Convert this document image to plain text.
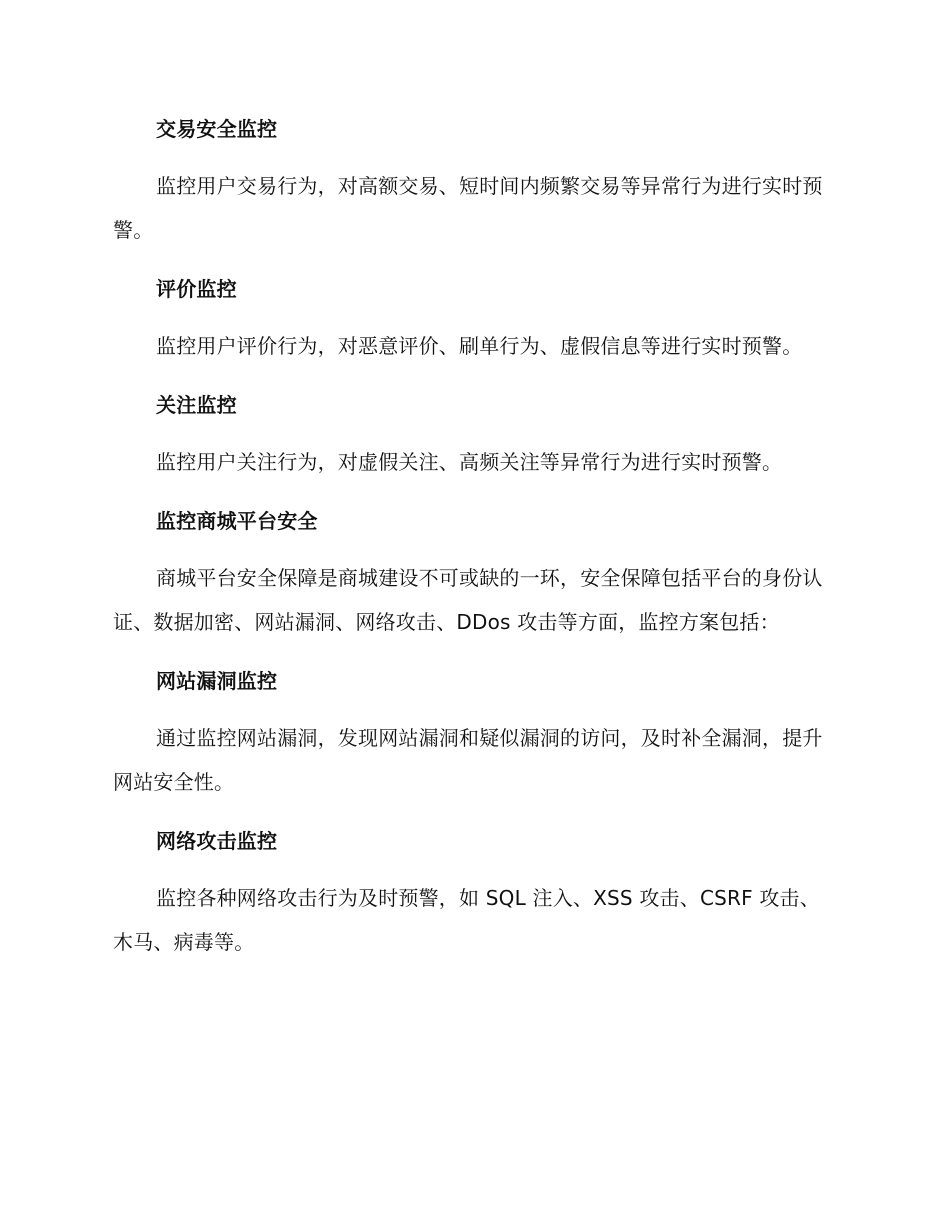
交易安全监控

监控用户交易行为，对高额交易、短时间内频繁交易等异常行为进行实时预警。

评价监控

监控用户评价行为，对恶意评价、刷单行为、虚假信息等进行实时预警。

关注监控

监控用户关注行为，对虚假关注、高频关注等异常行为进行实时预警。

监控商城平台安全

商城平台安全保障是商城建设不可或缺的一环，安全保障包括平台的身份认证、数据加密、网站漏洞、网络攻击、DDos 攻击等方面，监控方案包括：

网站漏洞监控

通过监控网站漏洞，发现网站漏洞和疑似漏洞的访问，及时补全漏洞，提升网站安全性。

网络攻击监控

监控各种网络攻击行为及时预警，如 SQL 注入、XSS 攻击、CSRF 攻击、木马、病毒等。
